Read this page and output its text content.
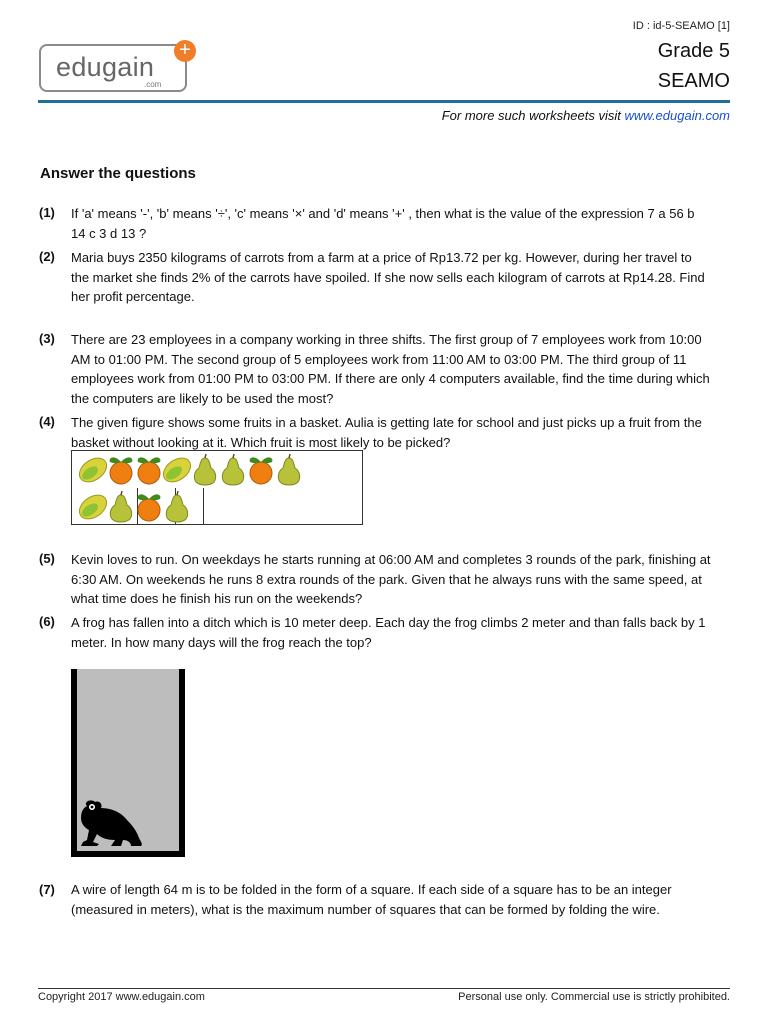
edugain
.com
+
ID : id-5-SEAMO [1]
Grade 5
SEAMO
For more such worksheets visit www.edugain.com
Answer the questions
(1) If 'a' means '-', 'b' means '÷', 'c' means '×' and 'd' means '+' , then what is the value of the expression 7 a 56 b 14 c 3 d 13 ?
(2) Maria buys 2350 kilograms of carrots from a farm at a price of Rp13.72 per kg. However, during her travel to the market she finds 2% of the carrots have spoiled. If she now sells each kilogram of carrots at Rp14.28. Find her profit percentage.
(3) There are 23 employees in a company working in three shifts. The first group of 7 employees work from 10:00 AM to 01:00 PM. The second group of 5 employees work from 11:00 AM to 03:00 PM. The third group of 11 employees work from 01:00 PM to 03:00 PM. If there are only 4 computers available, find the time during which the computers are likely to be used the most?
(4) The given figure shows some fruits in a basket. Aulia is getting late for school and just picks up a fruit from the basket without looking at it. Which fruit is most likely to be picked?
(5) Kevin loves to run. On weekdays he starts running at 06:00 AM and completes 3 rounds of the park, finishing at 6:30 AM. On weekends he runs 8 extra rounds of the park. Given that he always runs with the same speed, at what time does he finish his run on the weekends?
(6) A frog has fallen into a ditch which is 10 meter deep. Each day the frog climbs 2 meter and than falls back by 1 meter. In how many days will the frog reach the top?
(7) A wire of length 64 m is to be folded in the form of a square. If each side of a square has to be an integer (measured in meters), what is the maximum number of squares that can be formed by folding the wire.
Copyright 2017 www.edugain.com	Personal use only. Commercial use is strictly prohibited.
